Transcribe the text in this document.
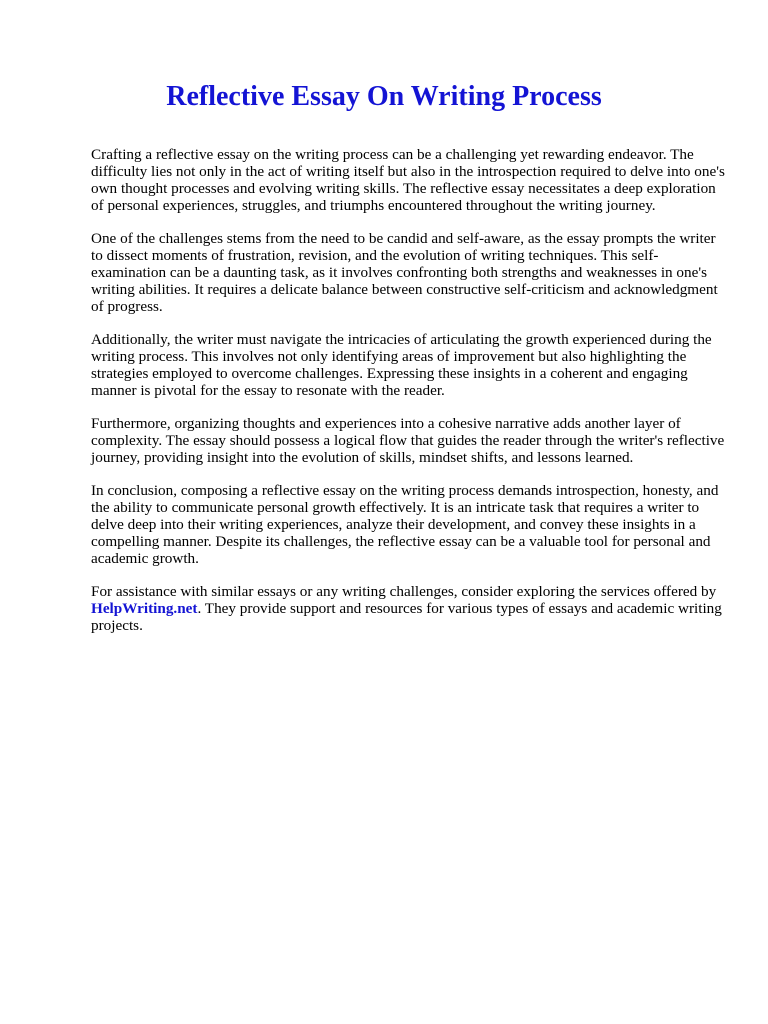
Reflective Essay On Writing Process

Crafting a reflective essay on the writing process can be a challenging yet rewarding endeavor. The difficulty lies not only in the act of writing itself but also in the introspection required to delve into one's own thought processes and evolving writing skills. The reflective essay necessitates a deep exploration of personal experiences, struggles, and triumphs encountered throughout the writing journey.

One of the challenges stems from the need to be candid and self-aware, as the essay prompts the writer to dissect moments of frustration, revision, and the evolution of writing techniques. This self-examination can be a daunting task, as it involves confronting both strengths and weaknesses in one's writing abilities. It requires a delicate balance between constructive self-criticism and acknowledgment of progress.

Additionally, the writer must navigate the intricacies of articulating the growth experienced during the writing process. This involves not only identifying areas of improvement but also highlighting the strategies employed to overcome challenges. Expressing these insights in a coherent and engaging manner is pivotal for the essay to resonate with the reader.

Furthermore, organizing thoughts and experiences into a cohesive narrative adds another layer of complexity. The essay should possess a logical flow that guides the reader through the writer's reflective journey, providing insight into the evolution of skills, mindset shifts, and lessons learned.

In conclusion, composing a reflective essay on the writing process demands introspection, honesty, and the ability to communicate personal growth effectively. It is an intricate task that requires a writer to delve deep into their writing experiences, analyze their development, and convey these insights in a compelling manner. Despite its challenges, the reflective essay can be a valuable tool for personal and academic growth.

For assistance with similar essays or any writing challenges, consider exploring the services offered by HelpWriting.net. They provide support and resources for various types of essays and academic writing projects.
